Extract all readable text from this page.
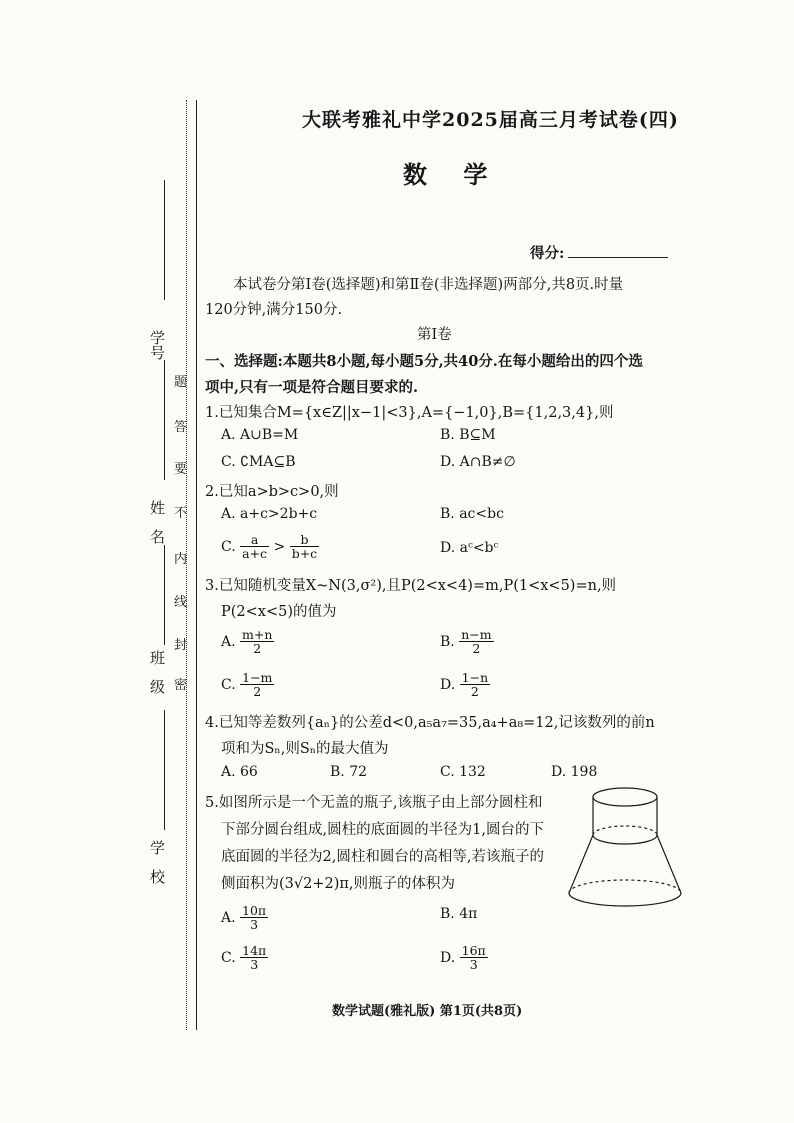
学号
姓名
班级
学校
密
封
线
内
不
要
答
题
大联考雅礼中学2025届高三月考试卷(四)
数 学
得分:
本试卷分第Ⅰ卷(选择题)和第Ⅱ卷(非选择题)两部分,共8页.时量
120分钟,满分150分.
第Ⅰ卷
一、选择题:本题共8小题,每小题5分,共40分.在每小题给出的四个选
项中,只有一项是符合题目要求的.
1.已知集合M={x∈Z||x−1|<3},A={−1,0},B={1,2,3,4},则
A. A∪B=M	B. B⊆M
C. ∁MA⊆B	D. A∩B≠∅
2.已知a>b>c>0,则
A. a+c>2b+c	B. ac<bc
C. $\frac{a}{a+c} > \frac{b}{b+c}$	D. aᶜ<bᶜ
3.已知随机变量X~N(3,σ²),且P(2<x<4)=m,P(1<x<5)=n,则
P(2<x<5)的值为
A. $\frac{m+n}{2}$	B. $\frac{n-m}{2}$
C. $\frac{1-m}{2}$	D. $\frac{1-n}{2}$
4.已知等差数列{aₙ}的公差d<0,a₅a₇=35,a₄+a₈=12,记该数列的前n
项和为Sₙ,则Sₙ的最大值为
A. 66	B. 72	C. 132	D. 198
5.如图所示是一个无盖的瓶子,该瓶子由上部分圆柱和
下部分圆台组成,圆柱的底面圆的半径为1,圆台的下
底面圆的半径为2,圆柱和圆台的高相等,若该瓶子的
侧面积为(3√2+2)π,则瓶子的体积为
A. $\frac{10\pi}{3}$	B. 4π
C. $\frac{14\pi}{3}$	D. $\frac{16\pi}{3}$
数学试题(雅礼版) 第1页(共8页)
